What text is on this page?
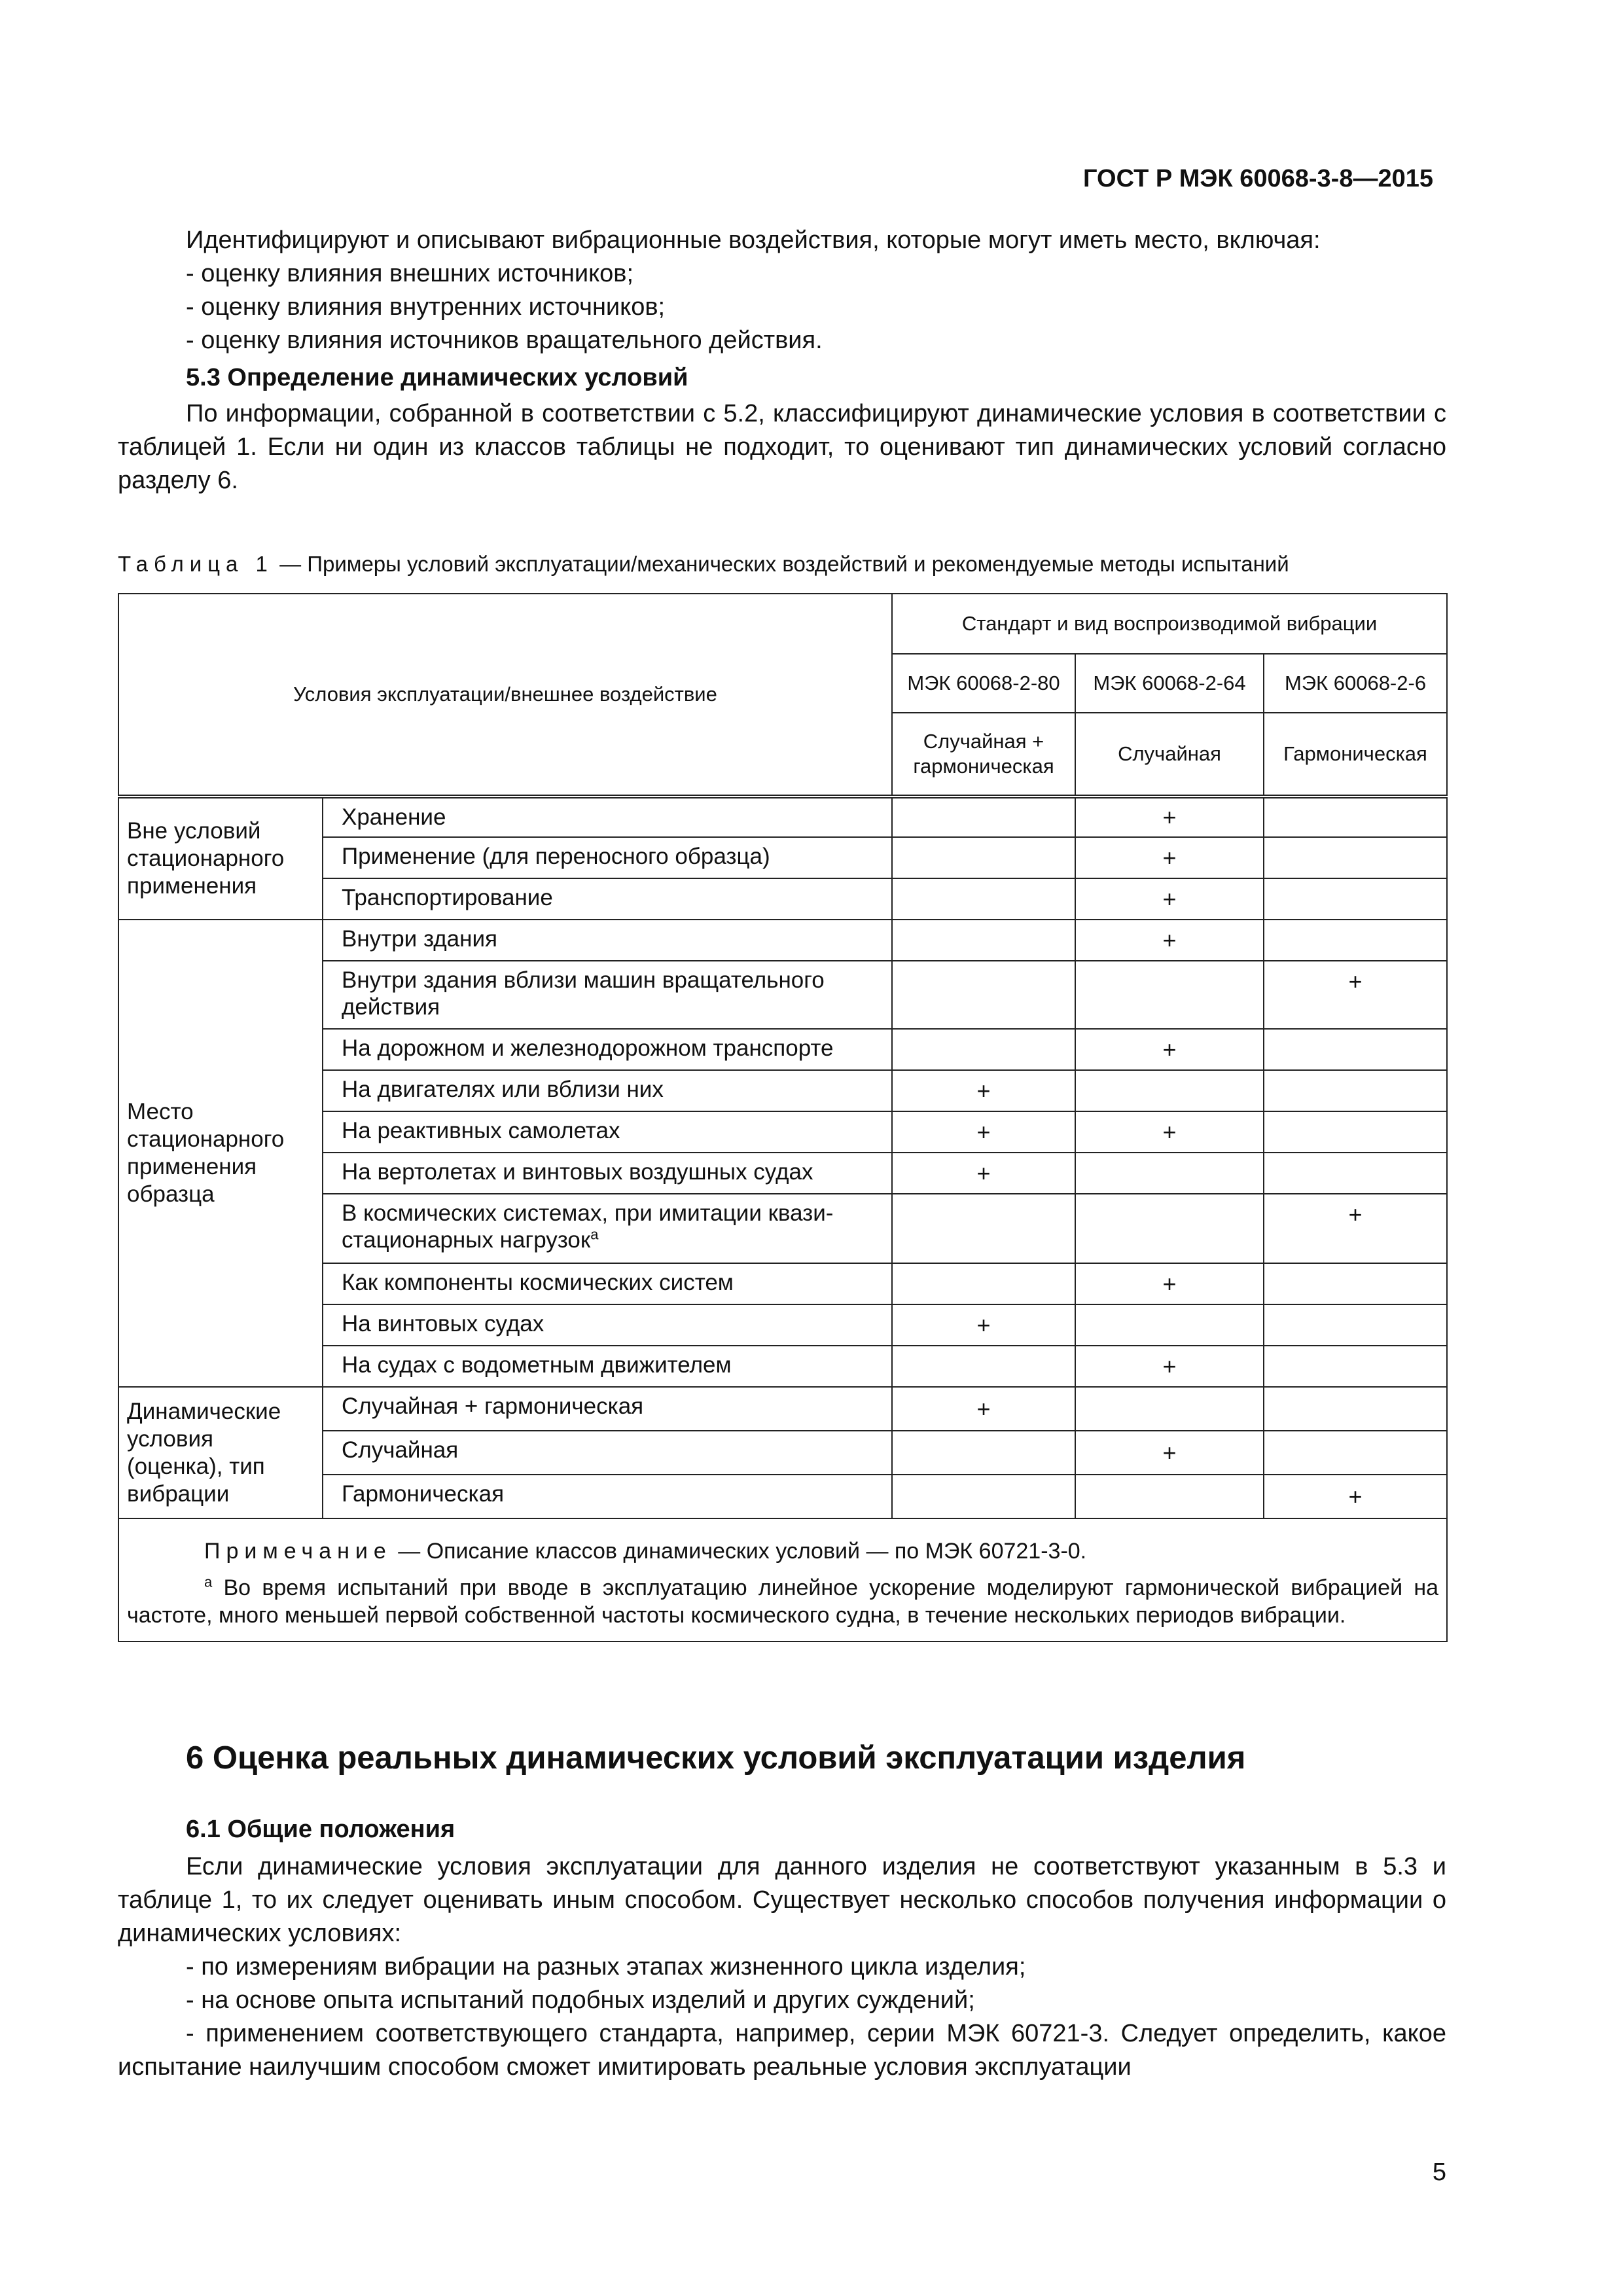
ГОСТ Р МЭК 60068-3-8—2015

Идентифицируют и описывают вибрационные воздействия, которые могут иметь место, включая:

- оценку влияния внешних источников;

- оценку влияния внутренних источников;

- оценку влияния источников вращательного действия.

5.3 Определение динамических условий

По информации, собранной в соответствии с 5.2, классифицируют динамические условия в соответствии с таблицей 1. Если ни один из классов таблицы не подходит, то оценивают тип динамических условий согласно разделу 6.

Таблица 1 — Примеры условий эксплуатации/механических воздействий и рекомендуемые методы испытаний
Условия эксплуатации/внешнее воздействие		Стандарт и вид воспроизводимой вибрации		
		МЭК 60068-2-80	МЭК 60068-2-64	МЭК 60068-2-6
		Случайная + гармоническая	Случайная	Гармоническая
Вне условий стационарного применения	Хранение		+	
	Применение (для переносного образца)		+	
	Транспортирование		+	
Место стационарного применения образца	Внутри здания		+	
	Внутри здания вблизи машин вращательного действия			+
	На дорожном и железнодорожном транспорте		+	
	На двигателях или вблизи них	+		
	На реактивных самолетах	+	+	
	На вертолетах и винтовых воздушных судах	+		
	В космических системах, при имитации квази-стационарных нагрузок$^a$			+
	Как компоненты космических систем		+	
	На винтовых судах	+		
	На судах с водометным движителем		+	
Динамические условия (оценка), тип вибрации	Случайная + гармоническая	+		
	Случайная		+	
	Гармоническая			+

Примечание — Описание классов динамических условий — по МЭК 60721-3-0.

$^a$ Во время испытаний при вводе в эксплуатацию линейное ускорение моделируют гармонической вибрацией на частоте, много меньшей первой собственной частоты космического судна, в течение нескольких периодов вибрации.				

6 Оценка реальных динамических условий эксплуатации изделия

6.1 Общие положения

Если динамические условия эксплуатации для данного изделия не соответствуют указанным в 5.3 и таблице 1, то их следует оценивать иным способом. Существует несколько способов получения информации о динамических условиях:

- по измерениям вибрации на разных этапах жизненного цикла изделия;

- на основе опыта испытаний подобных изделий и других суждений;

- применением соответствующего стандарта, например, серии МЭК 60721-3. Следует определить, какое испытание наилучшим способом сможет имитировать реальные условия эксплуатации

5
